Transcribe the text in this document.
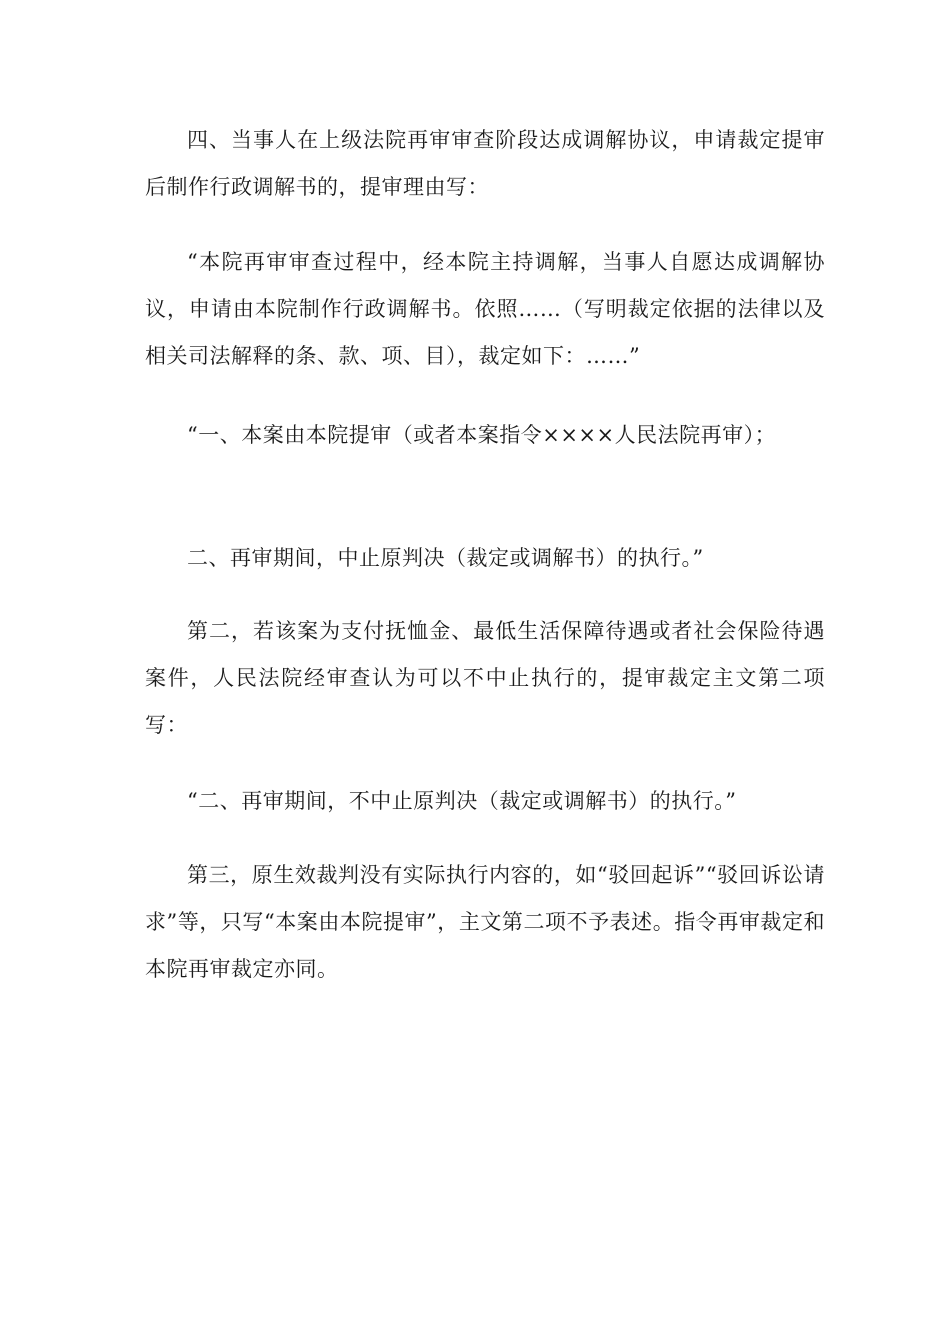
四、当事人在上级法院再审审查阶段达成调解协议，申请裁定提审后制作行政调解书的，提审理由写：

“本院再审审查过程中，经本院主持调解，当事人自愿达成调解协议，申请由本院制作行政调解书。依照……（写明裁定依据的法律以及相关司法解释的条、款、项、目），裁定如下：……”

“一、本案由本院提审（或者本案指令××××人民法院再审）；

二、再审期间，中止原判决（裁定或调解书）的执行。”

第二，若该案为支付抚恤金、最低生活保障待遇或者社会保险待遇案件，人民法院经审查认为可以不中止执行的，提审裁定主文第二项写：

“二、再审期间，不中止原判决（裁定或调解书）的执行。”

第三，原生效裁判没有实际执行内容的，如“驳回起诉”“驳回诉讼请求”等，只写“本案由本院提审”，主文第二项不予表述。指令再审裁定和本院再审裁定亦同。
